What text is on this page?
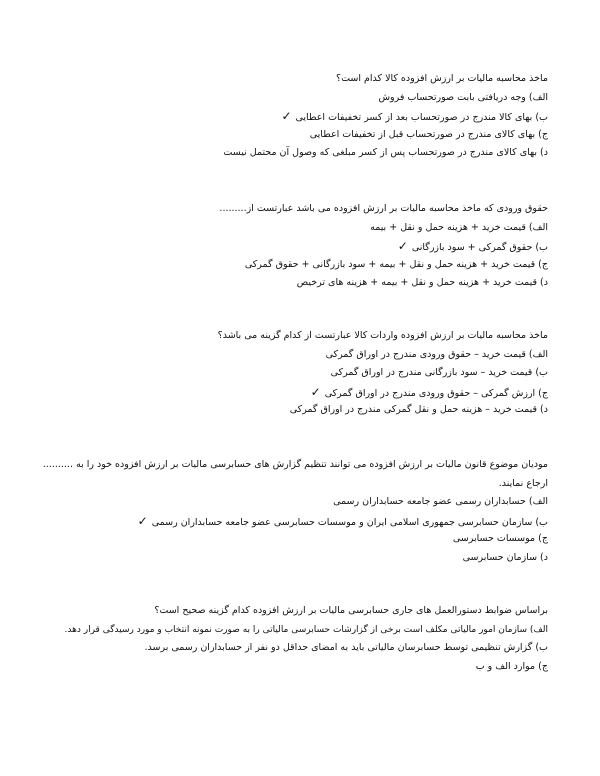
ماخذ محاسبه مالیات بر ارزش افزوده کالا کدام است؟
الف) وجه دریافتی بابت صورتحساب فروش
ب) بهای کالا مندرج در صورتحساب بعد از کسر تخفیفات اعطایی✓
ج) بهای کالای مندرج در صورتحساب قبل از تخفیفات اعطایی
د) بهای کالای مندرج در صورتحساب پس از کسر مبلغی که وصول آن محتمل نیست
حقوق ورودی که ماخذ محاسبه مالیات بر ارزش افزوده می باشد عبارتست از.........
الف) قیمت خرید + هزینه حمل و نقل + بیمه
ب) حقوق گمرکی + سود بازرگانی✓
ج) قیمت خرید + هزینه حمل و نقل + بیمه + سود بازرگانی + حقوق گمرکی
د) قیمت خرید + هزینه حمل و نقل + بیمه + هزینه های ترخیص
ماخذ محاسبه مالیات بر ارزش افزوده واردات کالا عبارتست از کدام گزینه می باشد؟
الف) قیمت خرید – حقوق ورودی مندرج در اوراق گمرکی
ب) قیمت خرید – سود بازرگانی مندرج در اوراق گمرکی
ج) ارزش گمرکی – حقوق ورودی مندرج در اوراق گمرکی✓
د) قیمت خرید – هزینه حمل و نقل گمرکی مندرج در اوراق گمرکی
مودیان موضوع قانون مالیات بر ارزش افزوده می توانند تنظیم گزارش های حسابرسی مالیات بر ارزش افزوده خود را به .......... ارجاع نمایند.
الف) حسابداران رسمی عضو جامعه حسابداران رسمی
ب) سازمان حسابرسی جمهوری اسلامی ایران و موسسات حسابرسی عضو جامعه حسابداران رسمی✓
ج) موسسات حسابرسی
د) سازمان حسابرسی
براساس ضوابط دستورالعمل های جاری حسابرسی مالیات بر ارزش افزوده کدام گزینه صحیح است؟
الف) سازمان امور مالیاتی مکلف است برخی از گزارشات حسابرسی مالیاتی را به صورت نمونه انتخاب و مورد رسیدگی قرار دهد.
ب) گزارش تنظیمی توسط حسابرسان مالیاتی باید به امضای حداقل دو نفر از حسابداران رسمی برسد.
ج) موارد الف و ب
